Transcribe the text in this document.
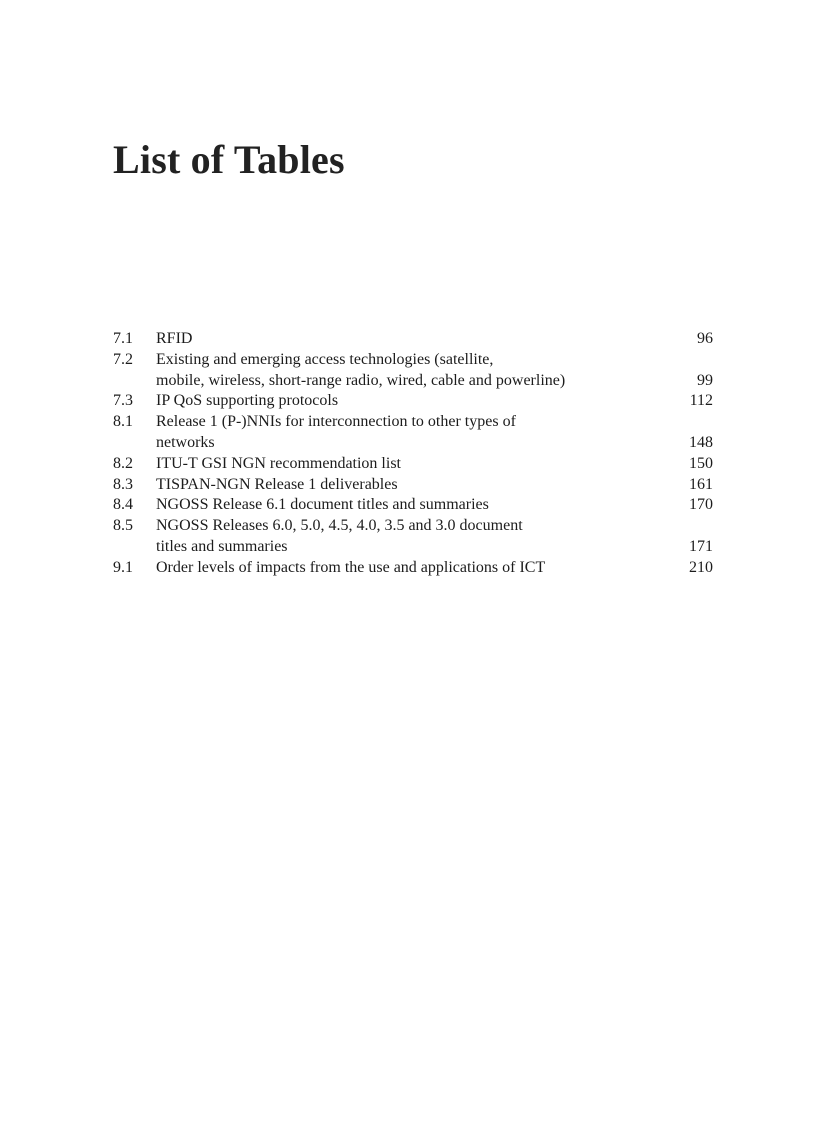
List of Tables
7.1	RFID	96
7.2	Existing and emerging access technologies (satellite,
mobile, wireless, short-range radio, wired, cable and powerline)	99
7.3	IP QoS supporting protocols	112
8.1	Release 1 (P-)NNIs for interconnection to other types of
networks	148
8.2	ITU-T GSI NGN recommendation list	150
8.3	TISPAN-NGN Release 1 deliverables	161
8.4	NGOSS Release 6.1 document titles and summaries	170
8.5	NGOSS Releases 6.0, 5.0, 4.5, 4.0, 3.5 and 3.0 document
titles and summaries	171
9.1	Order levels of impacts from the use and applications of ICT	210
